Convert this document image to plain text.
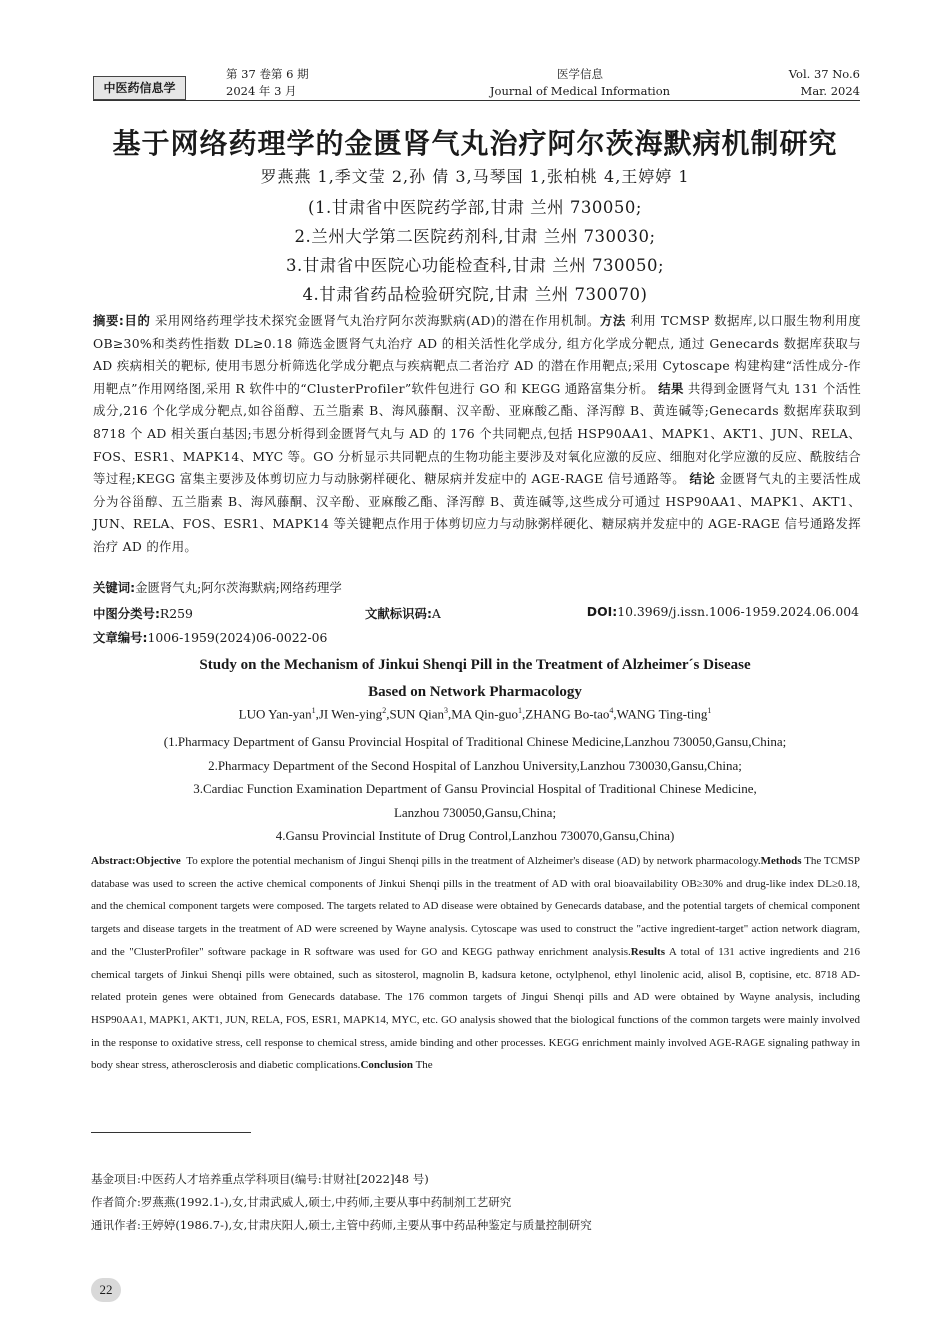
中医药信息学
第 37 卷第 6 期
2024 年 3 月
医学信息
Journal of Medical Information
Vol. 37 No.6
Mar. 2024
基于网络药理学的金匮肾气丸治疗阿尔茨海默病机制研究
罗燕燕 1,季文莹 2,孙 倩 3,马琴国 1,张柏桃 4,王婷婷 1
(1.甘肃省中医院药学部,甘肃 兰州 730050;
2.兰州大学第二医院药剂科,甘肃 兰州 730030;
3.甘肃省中医院心功能检查科,甘肃 兰州 730050;
4.甘肃省药品检验研究院,甘肃 兰州 730070)
摘要:目的 采用网络药理学技术探究金匮肾气丸治疗阿尔茨海默病(AD)的潜在作用机制。方法 利用 TCMSP 数据库,以口服生物利用度 OB≥30%和类药性指数 DL≥0.18 筛选金匮肾气丸治疗 AD 的相关活性化学成分, 组方化学成分靶点, 通过 Genecards 数据库获取与 AD 疾病相关的靶标, 使用韦恩分析筛选化学成分靶点与疾病靶点二者治疗 AD 的潜在作用靶点;采用 Cytoscape 构建构建“活性成分-作用靶点”作用网络图,采用 R 软件中的“ClusterProfiler”软件包进行 GO 和 KEGG 通路富集分析。 结果 共得到金匮肾气丸 131 个活性成分,216 个化学成分靶点,如谷甾醇、五兰脂素 B、海风藤酮、汉辛酚、亚麻酸乙酯、泽泻醇 B、黄连碱等;Genecards 数据库获取到 8718 个 AD 相关蛋白基因;韦恩分析得到金匮肾气丸与 AD 的 176 个共同靶点,包括 HSP90AA1、MAPK1、AKT1、JUN、RELA、FOS、ESR1、MAPK14、MYC 等。GO 分析显示共同靶点的生物功能主要涉及对氧化应激的反应、细胞对化学应激的反应、酰胺结合等过程;KEGG 富集主要涉及体剪切应力与动脉粥样硬化、糖尿病并发症中的 AGE-RAGE 信号通路等。 结论 金匮肾气丸的主要活性成分为谷甾醇、五兰脂素 B、海风藤酮、汉辛酚、亚麻酸乙酯、泽泻醇 B、黄连碱等,这些成分可通过 HSP90AA1、MAPK1、AKT1、JUN、RELA、FOS、ESR1、MAPK14 等关键靶点作用于体剪切应力与动脉粥样硬化、糖尿病并发症中的 AGE-RAGE 信号通路发挥治疗 AD 的作用。
关键词:金匮肾气丸;阿尔茨海默病;网络药理学
中图分类号:R259	文献标识码:A	DOI:10.3969/j.issn.1006-1959.2024.06.004
文章编号:1006-1959(2024)06-0022-06
Study on the Mechanism of Jinkui Shenqi Pill in the Treatment of Alzheimer´s Disease
Based on Network Pharmacology
LUO Yan-yan$^1$,JI Wen-ying$^2$,SUN Qian$^3$,MA Qin-guo$^1$,ZHANG Bo-tao$^4$,WANG Ting-ting$^1$
(1.Pharmacy Department of Gansu Provincial Hospital of Traditional Chinese Medicine,Lanzhou 730050,Gansu,China;
2.Pharmacy Department of the Second Hospital of Lanzhou University,Lanzhou 730030,Gansu,China;
3.Cardiac Function Examination Department of Gansu Provincial Hospital of Traditional Chinese Medicine,
Lanzhou 730050,Gansu,China;
4.Gansu Provincial Institute of Drug Control,Lanzhou 730070,Gansu,China)
Abstract:Objective To explore the potential mechanism of Jingui Shenqi pills in the treatment of Alzheimer's disease (AD) by network pharmacology.Methods The TCMSP database was used to screen the active chemical components of Jinkui Shenqi pills in the treatment of AD with oral bioavailability OB≥30% and drug-like index DL≥0.18, and the chemical component targets were composed. The targets related to AD disease were obtained by Genecards database, and the potential targets of chemical component targets and disease targets in the treatment of AD were screened by Wayne analysis. Cytoscape was used to construct the "active ingredient-target" action network diagram, and the "ClusterProfiler" software package in R software was used for GO and KEGG pathway enrichment analysis.Results A total of 131 active ingredients and 216 chemical targets of Jinkui Shenqi pills were obtained, such as sitosterol, magnolin B, kadsura ketone, octylphenol, ethyl linolenic acid, alisol B, coptisine, etc. 8718 AD-related protein genes were obtained from Genecards database. The 176 common targets of Jingui Shenqi pills and AD were obtained by Wayne analysis, including HSP90AA1, MAPK1, AKT1, JUN, RELA, FOS, ESR1, MAPK14, MYC, etc. GO analysis showed that the biological functions of the common targets were mainly involved in the response to oxidative stress, cell response to chemical stress, amide binding and other processes. KEGG enrichment mainly involved AGE-RAGE signaling pathway in body shear stress, atherosclerosis and diabetic complications.Conclusion The
基金项目:中医药人才培养重点学科项目(编号:甘财社[2022]48 号)
作者简介:罗燕燕(1992.1-),女,甘肃武威人,硕士,中药师,主要从事中药制剂工艺研究
通讯作者:王婷婷(1986.7-),女,甘肃庆阳人,硕士,主管中药师,主要从事中药品种鉴定与质量控制研究
22
